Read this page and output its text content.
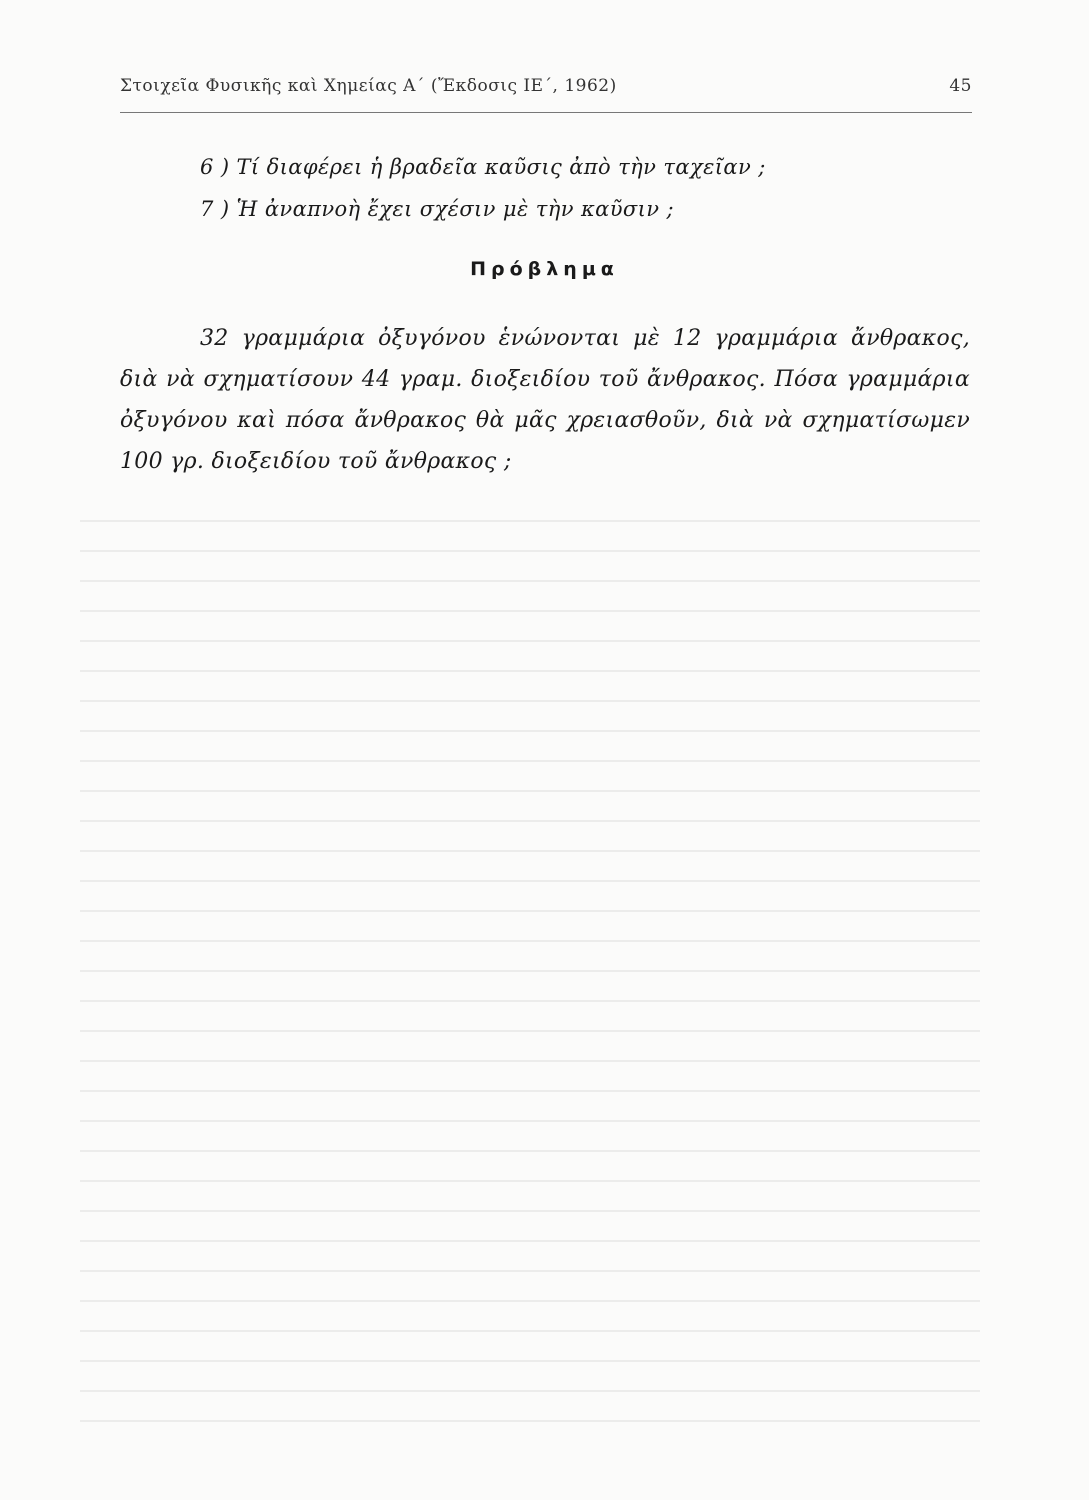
Στοιχεῖα Φυσικῆς καὶ Χημείας Α΄ (Ἔκδοσις ΙΕ΄, 1962)	45
6 ) Τί διαφέρει ἡ βραδεῖα καῦσις ἀπὸ τὴν ταχεῖαν ;
7 ) Ἡ ἀναπνοὴ ἔχει σχέσιν μὲ τὴν καῦσιν ;
Πρόβλημα
32 γραμμάρια ὀξυγόνου ἑνώνονται μὲ 12 γραμμάρια ἄνθρακος, διὰ νὰ σχηματίσουν 44 γραμ. διοξειδίου τοῦ ἄνθρακος. Πόσα γραμμάρια ὀξυγόνου καὶ πόσα ἄνθρακος θὰ μᾶς χρειασθοῦν, διὰ νὰ σχηματίσωμεν 100 γρ. διοξειδίου τοῦ ἄνθρακος ;
